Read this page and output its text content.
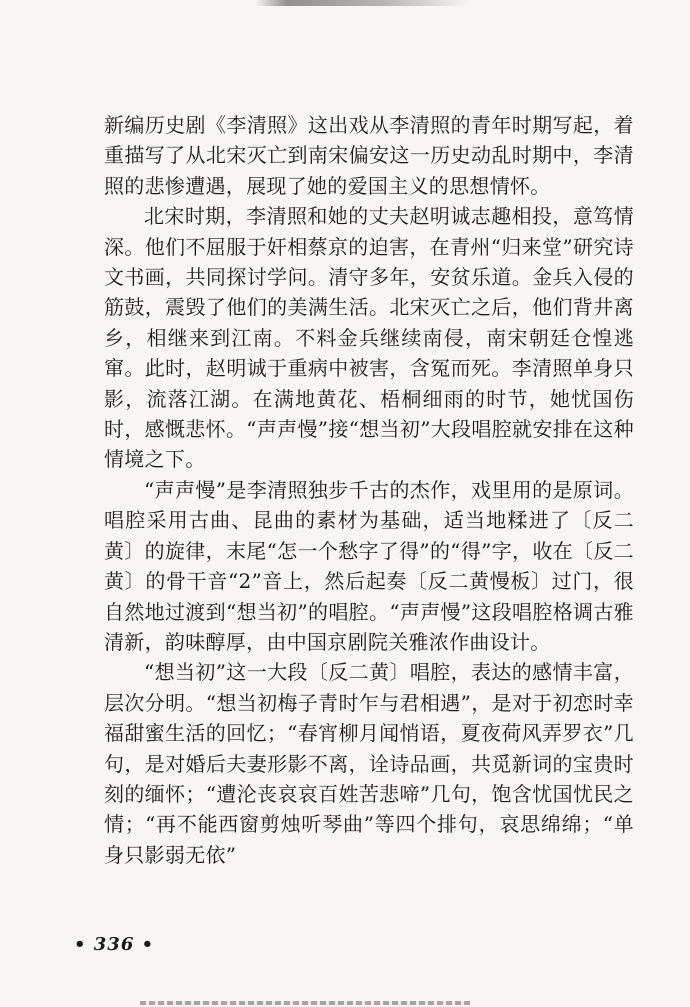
新编历史剧《李清照》这出戏从李清照的青年时期写起，着重描写了从北宋灭亡到南宋偏安这一历史动乱时期中，李清照的悲惨遭遇，展现了她的爱国主义的思想情怀。

北宋时期，李清照和她的丈夫赵明诚志趣相投，意笃情深。他们不屈服于奸相蔡京的迫害，在青州“归来堂”研究诗文书画，共同探讨学问。清守多年，安贫乐道。金兵入侵的筋鼓，震毁了他们的美满生活。北宋灭亡之后，他们背井离乡，相继来到江南。不料金兵继续南侵，南宋朝廷仓惶逃窜。此时，赵明诚于重病中被害，含冤而死。李清照单身只影，流落江湖。在满地黄花、梧桐细雨的时节，她忧国伤时，感慨悲怀。“声声慢”接“想当初”大段唱腔就安排在这种情境之下。

“声声慢”是李清照独步千古的杰作，戏里用的是原词。唱腔采用古曲、昆曲的素材为基础，适当地糅进了〔反二黄〕的旋律，末尾“怎一个愁字了得”的“得”字，收在〔反二黄〕的骨干音“2”音上，然后起奏〔反二黄慢板〕过门，很自然地过渡到“想当初”的唱腔。“声声慢”这段唱腔格调古雅清新，韵味醇厚，由中国京剧院关雅浓作曲设计。

“想当初”这一大段〔反二黄〕唱腔，表达的感情丰富，层次分明。“想当初梅子青时乍与君相遇”，是对于初恋时幸福甜蜜生活的回忆；“春宵柳月闻悄语，夏夜荷风弄罗衣”几句，是对婚后夫妻形影不离，诠诗品画，共觅新词的宝贵时刻的缅怀；“遭沦丧哀哀百姓苦悲啼”几句，饱含忧国忧民之情；“再不能西窗剪烛听琴曲”等四个排句，哀思绵绵；“单身只影弱无依”

• 336 •
